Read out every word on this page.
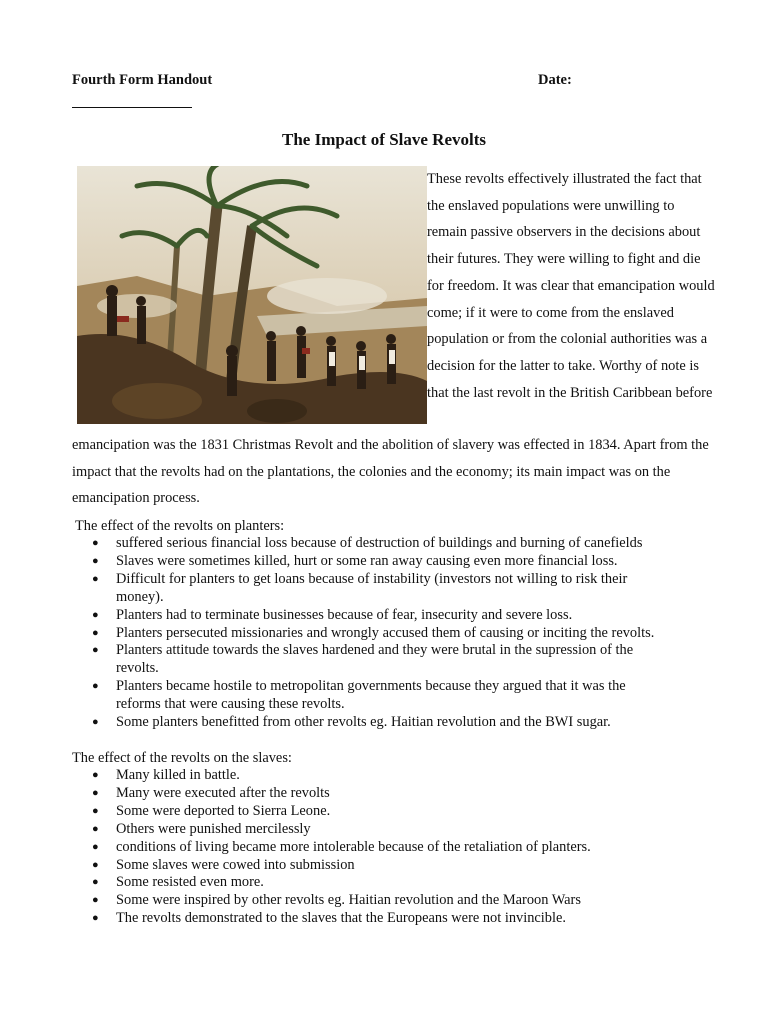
Fourth Form Handout	Date:
The Impact of Slave Revolts
These revolts effectively illustrated the fact that the enslaved populations were unwilling to remain passive observers in the decisions about their futures. They were willing to fight and die for freedom. It was clear that emancipation would come; if it were to come from the enslaved population or from the colonial authorities was a decision for the latter to take. Worthy of note is that the last revolt in the British Caribbean before
emancipation was the 1831 Christmas Revolt and the abolition of slavery was effected in 1834. Apart from the impact that the revolts had on the plantations, the colonies and the economy; its main impact was on the emancipation process.
The effect of the revolts on planters:
● suffered serious financial loss because of destruction of buildings and burning of canefields
● Slaves were sometimes killed, hurt or some ran away causing even more financial loss.
● Difficult for planters to get loans because of instability (investors not willing to risk their money).
● Planters had to terminate businesses because of fear, insecurity and severe loss.
● Planters persecuted missionaries and wrongly accused them of causing or inciting the revolts.
● Planters attitude towards the slaves hardened and they were brutal in the supression of the revolts.
● Planters became hostile to metropolitan governments because they argued that it was the reforms that were causing these revolts.
● Some planters benefitted from other revolts eg. Haitian revolution and the BWI sugar.
The effect of the revolts on the slaves:
● Many killed in battle.
● Many were executed after the revolts
● Some were deported to Sierra Leone.
● Others were punished mercilessly
● conditions of living became more intolerable because of the retaliation of planters.
● Some slaves were cowed into submission
● Some resisted even more.
● Some were inspired by other revolts eg. Haitian revolution and the Maroon Wars
● The revolts demonstrated to the slaves that the Europeans were not invincible.
